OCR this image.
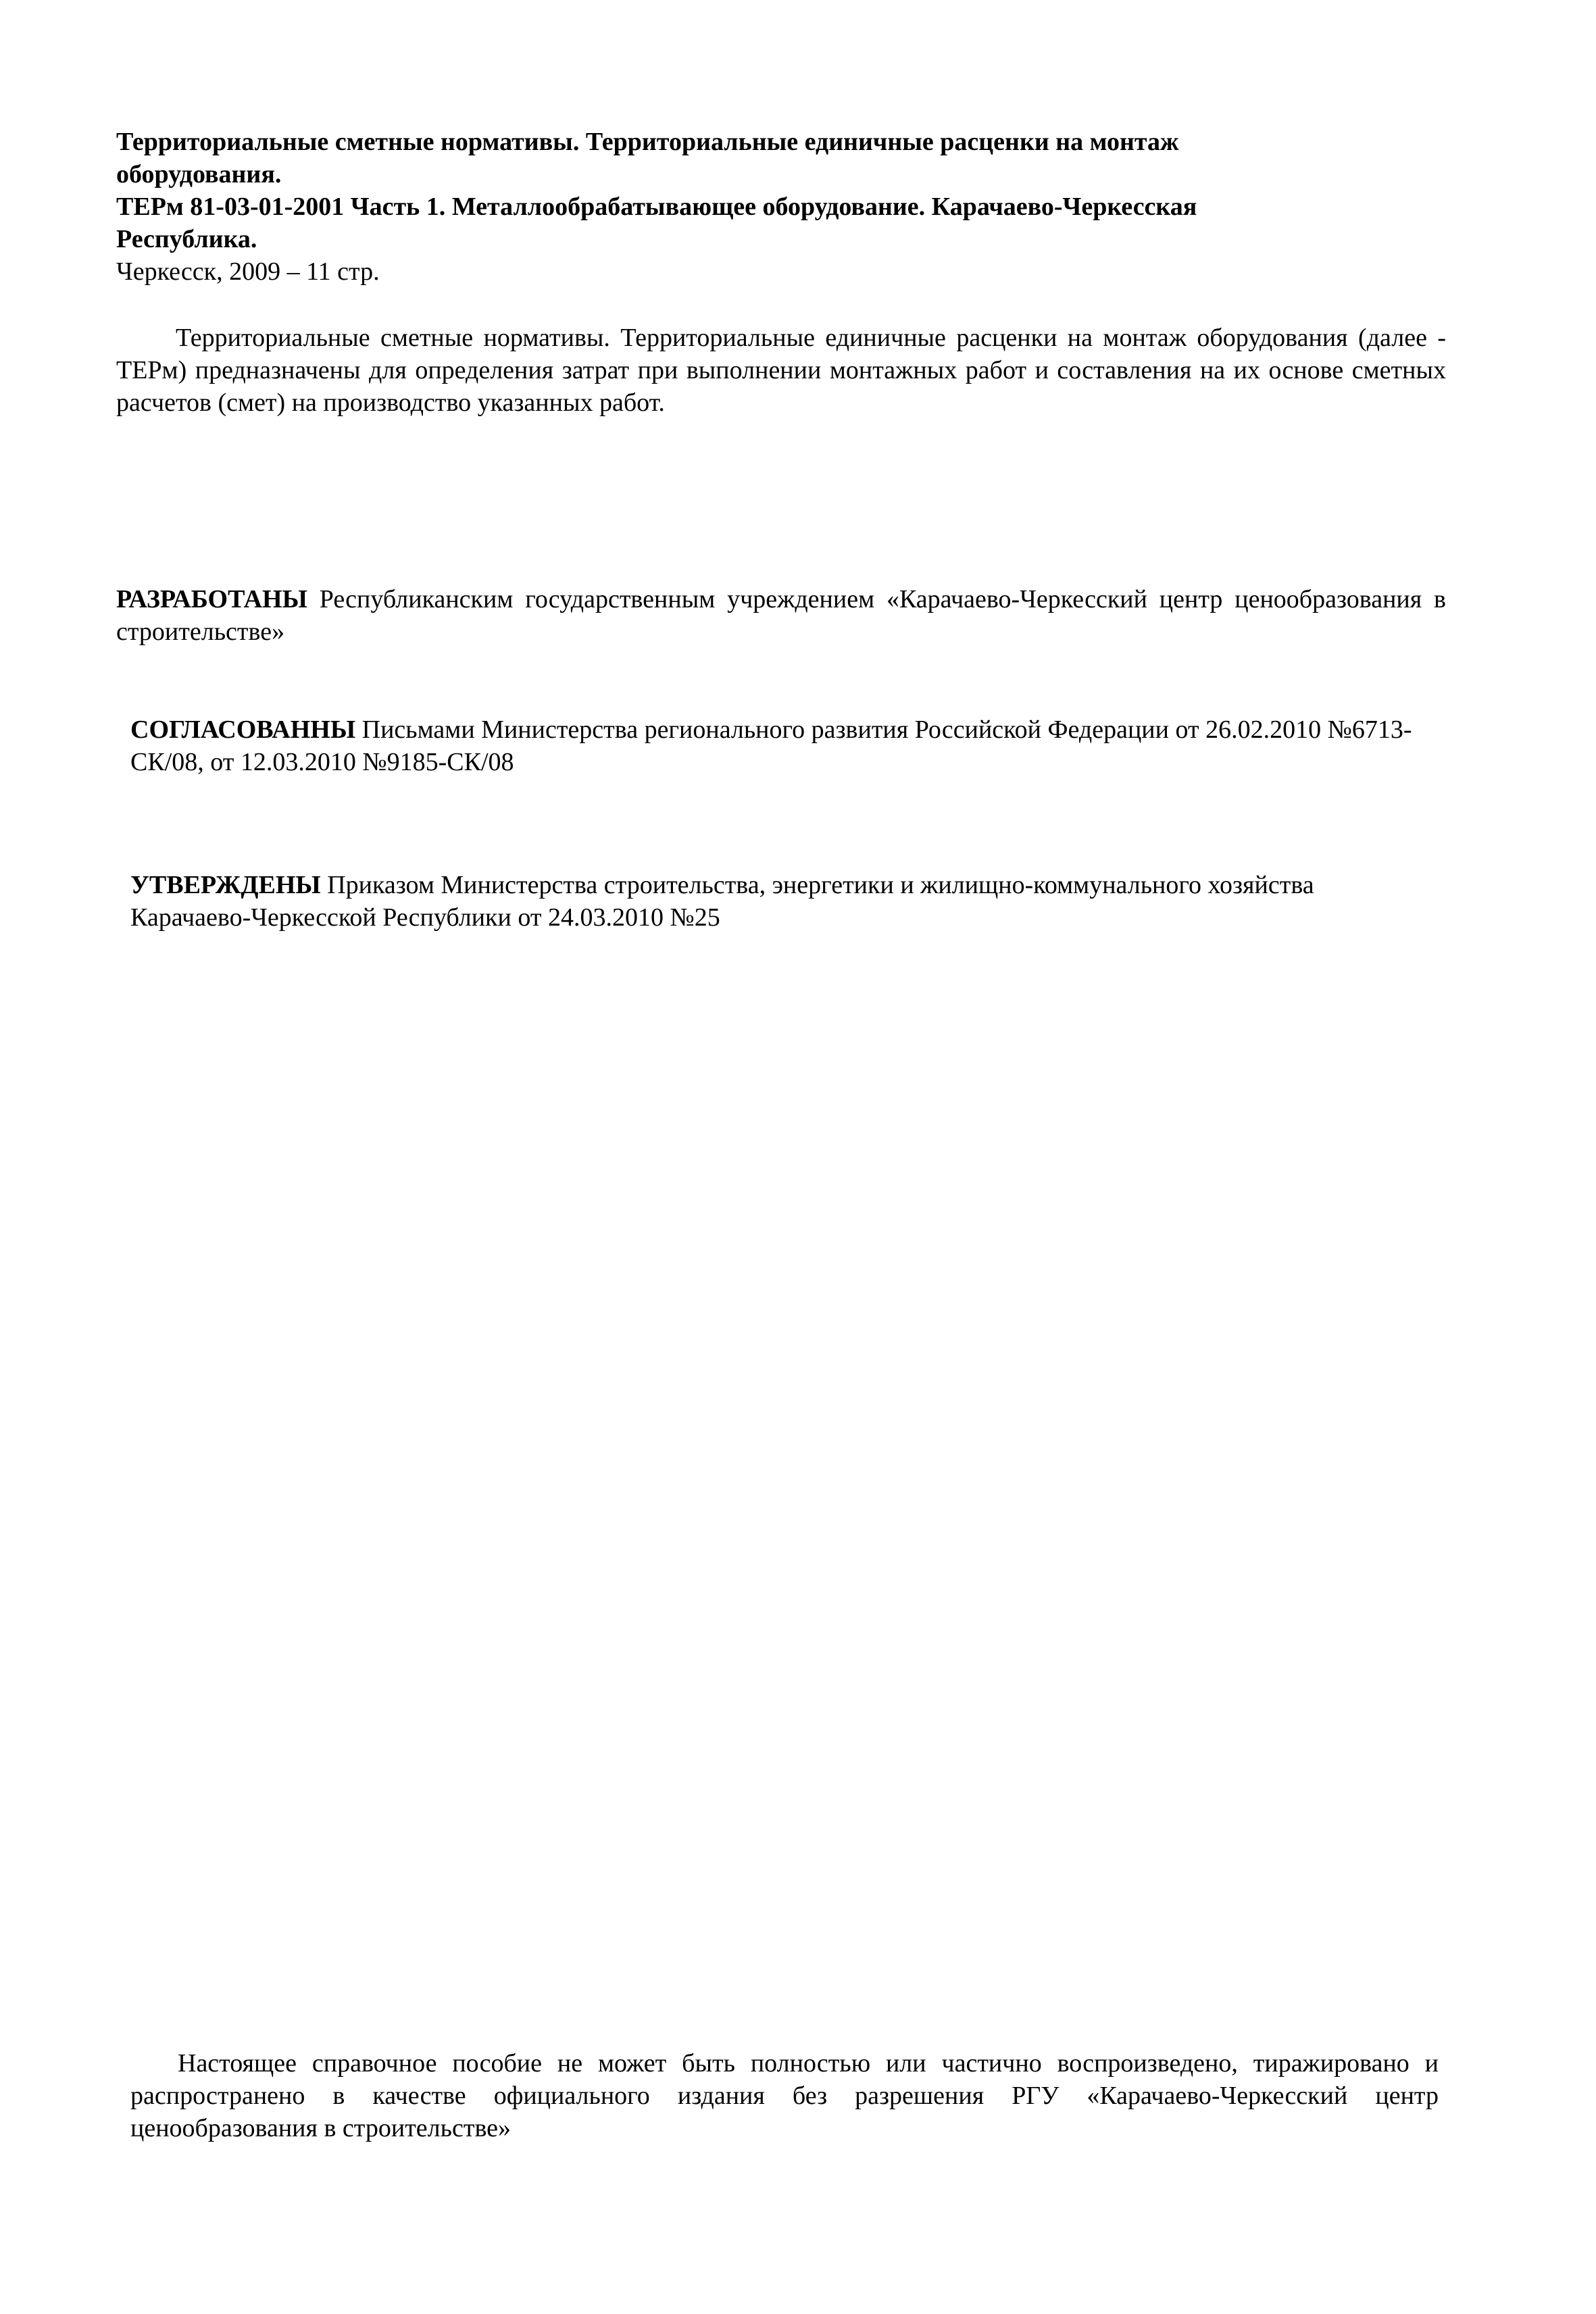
Территориальные сметные нормативы. Территориальные единичные расценки на монтаж
оборудования.
ТЕРм 81-03-01-2001 Часть 1. Металлообрабатывающее оборудование. Карачаево-Черкесская
Республика.
Черкесск, 2009 – 11 стр.
Территориальные сметные нормативы. Территориальные единичные расценки на монтаж оборудования (далее - ТЕРм) предназначены для определения затрат при выполнении монтажных работ и составления на их основе сметных расчетов (смет) на производство указанных работ.
РАЗРАБОТАНЫ Республиканским государственным учреждением «Карачаево-Черкесский центр ценообразования в строительстве»
СОГЛАСОВАННЫ Письмами Министерства регионального развития Российской Федерации от 26.02.2010 №6713-СК/08, от 12.03.2010 №9185-СК/08
УТВЕРЖДЕНЫ Приказом Министерства строительства, энергетики и жилищно-коммунального хозяйства Карачаево-Черкесской Республики от 24.03.2010 №25
Настоящее справочное пособие не может быть полностью или частично воспроизведено, тиражировано и распространено в качестве официального издания без разрешения РГУ «Карачаево-Черкесский центр ценообразования в строительстве»
